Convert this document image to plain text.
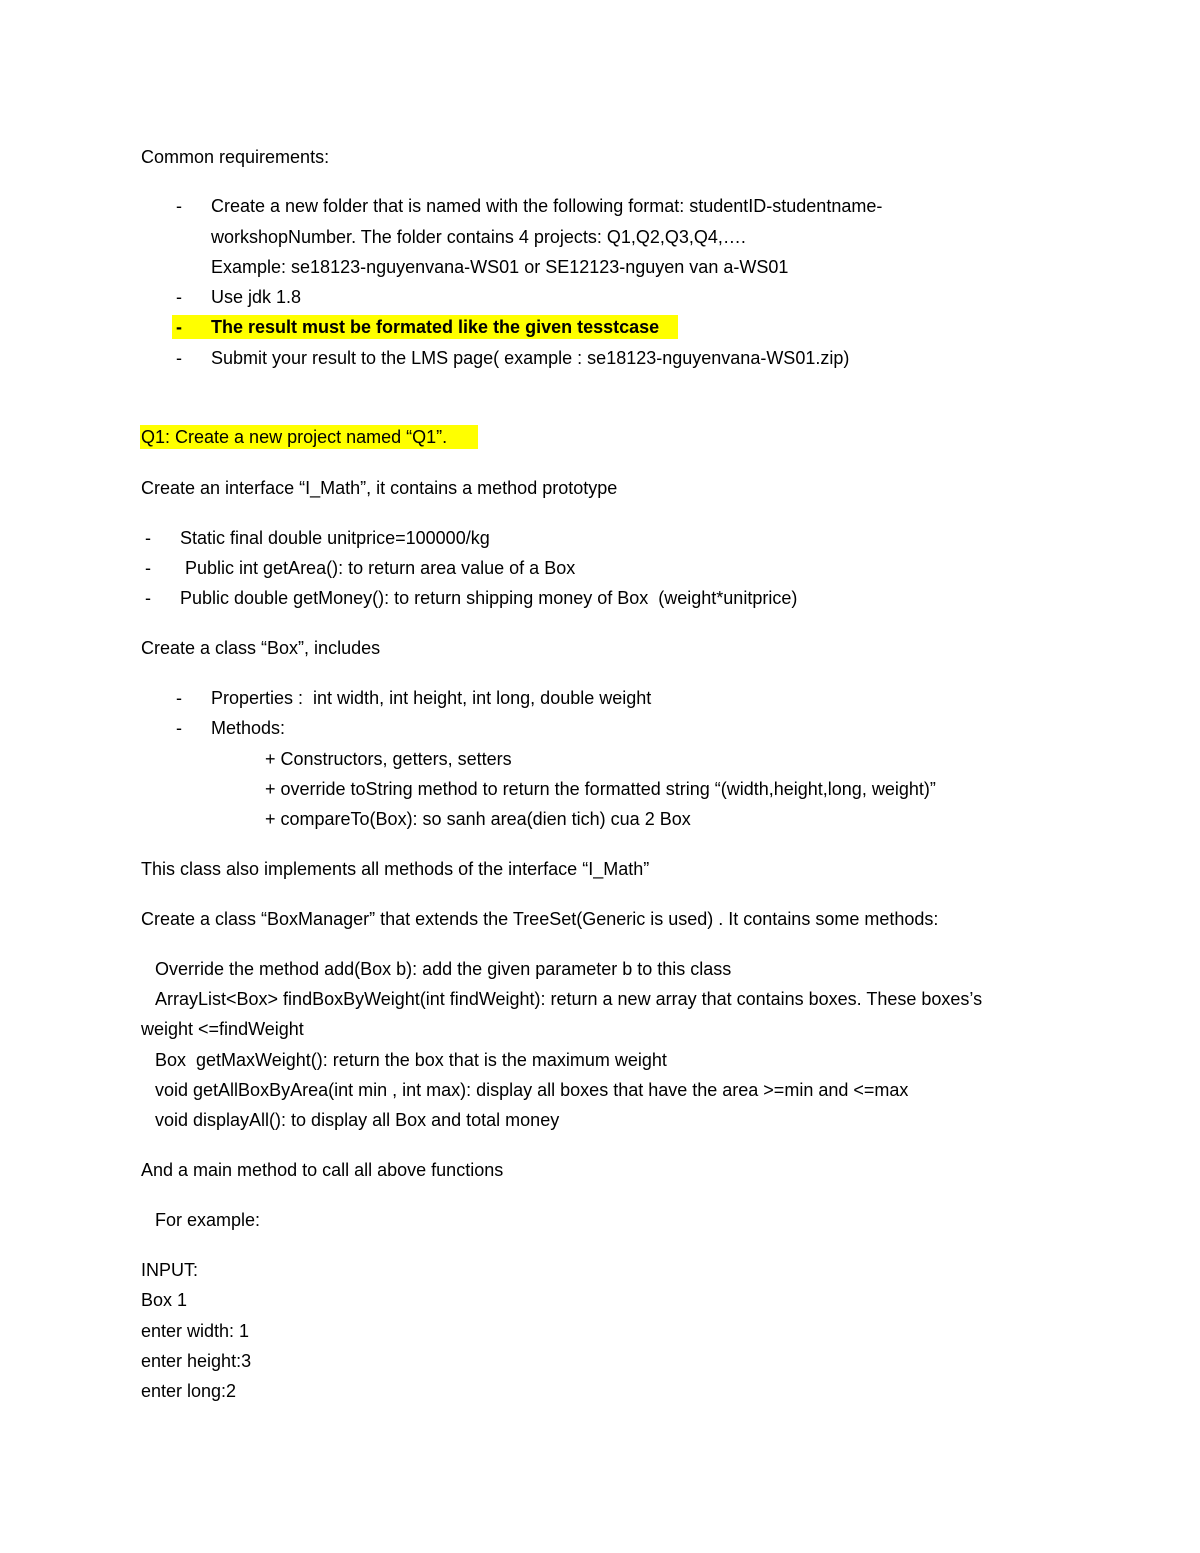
Common requirements:
- Create a new folder that is named with the following format: studentID-studentname-
workshopNumber. The folder contains 4 projects: Q1,Q2,Q3,Q4,….
Example: se18123-nguyenvana-WS01 or SE12123-nguyen van a-WS01
- Use jdk 1.8
- The result must be formated like the given tesstcase
- Submit your result to the LMS page( example : se18123-nguyenvana-WS01.zip)
Q1: Create a new project named “Q1”.
Create an interface “I_Math”, it contains a method prototype
- Static final double unitprice=100000/kg
- Public int getArea(): to return area value of a Box
- Public double getMoney(): to return shipping money of Box  (weight*unitprice)
Create a class “Box”, includes
- Properties :  int width, int height, int long, double weight
- Methods:
+ Constructors, getters, setters
+ override toString method to return the formatted string “(width,height,long, weight)”
+ compareTo(Box): so sanh area(dien tich) cua 2 Box
This class also implements all methods of the interface “I_Math”
Create a class “BoxManager” that extends the TreeSet(Generic is used) . It contains some methods:
Override the method add(Box b): add the given parameter b to this class
ArrayList<Box> findBoxByWeight(int findWeight): return a new array that contains boxes. These boxes’s
weight <=findWeight
Box  getMaxWeight(): return the box that is the maximum weight
void getAllBoxByArea(int min , int max): display all boxes that have the area >=min and <=max
void displayAll(): to display all Box and total money
And a main method to call all above functions
For example:
INPUT:
Box 1
enter width: 1
enter height:3
enter long:2
